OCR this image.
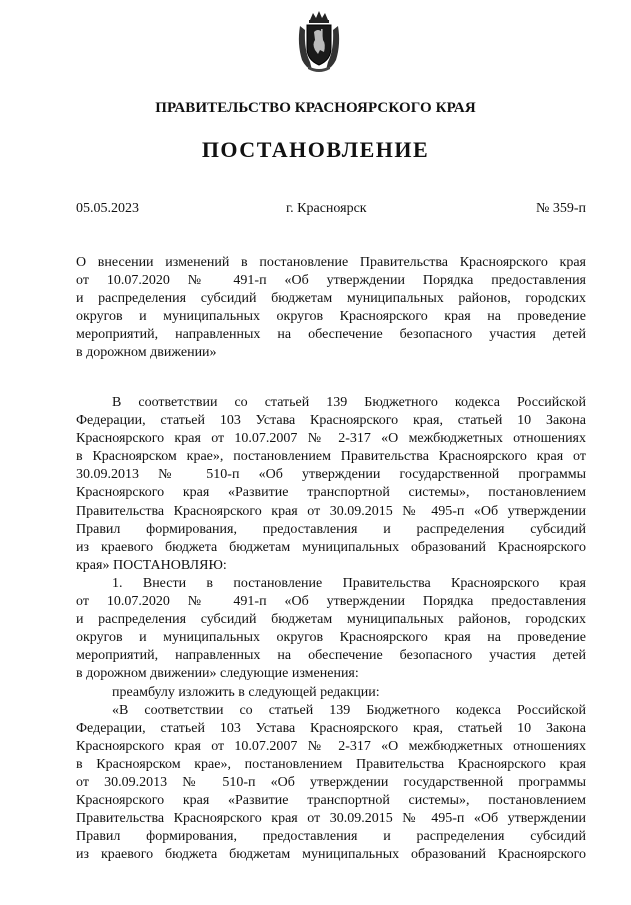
ПРАВИТЕЛЬСТВО КРАСНОЯРСКОГО КРАЯ
ПОСТАНОВЛЕНИЕ
05.05.2023	г. Красноярск	№ 359-п
О внесении изменений в постановление Правительства Красноярского края
от 10.07.2020 № 491-п «Об утверждении Порядка предоставления
и распределения субсидий бюджетам муниципальных районов, городских
округов и муниципальных округов Красноярского края на проведение
мероприятий, направленных на обеспечение безопасного участия детей
в дорожном движении»
В соответствии со статьей 139 Бюджетного кодекса Российской
Федерации, статьей 103 Устава Красноярского края, статьей 10 Закона
Красноярского края от 10.07.2007 № 2-317 «О межбюджетных отношениях
в Красноярском крае», постановлением Правительства Красноярского края от
30.09.2013 № 510-п «Об утверждении государственной программы
Красноярского края «Развитие транспортной системы», постановлением
Правительства Красноярского края от 30.09.2015 № 495-п «Об утверждении
Правил формирования, предоставления и распределения субсидий
из краевого бюджета бюджетам муниципальных образований Красноярского
края» ПОСТАНОВЛЯЮ:
1. Внести в постановление Правительства Красноярского края
от 10.07.2020 № 491-п «Об утверждении Порядка предоставления
и распределения субсидий бюджетам муниципальных районов, городских
округов и муниципальных округов Красноярского края на проведение
мероприятий, направленных на обеспечение безопасного участия детей
в дорожном движении» следующие изменения:
преамбулу изложить в следующей редакции:
«В соответствии со статьей 139 Бюджетного кодекса Российской
Федерации, статьей 103 Устава Красноярского края, статьей 10 Закона
Красноярского края от 10.07.2007 № 2-317 «О межбюджетных отношениях
в Красноярском крае», постановлением Правительства Красноярского края
от 30.09.2013 № 510-п «Об утверждении государственной программы
Красноярского края «Развитие транспортной системы», постановлением
Правительства Красноярского края от 30.09.2015 № 495-п «Об утверждении
Правил формирования, предоставления и распределения субсидий
из краевого бюджета бюджетам муниципальных образований Красноярского
